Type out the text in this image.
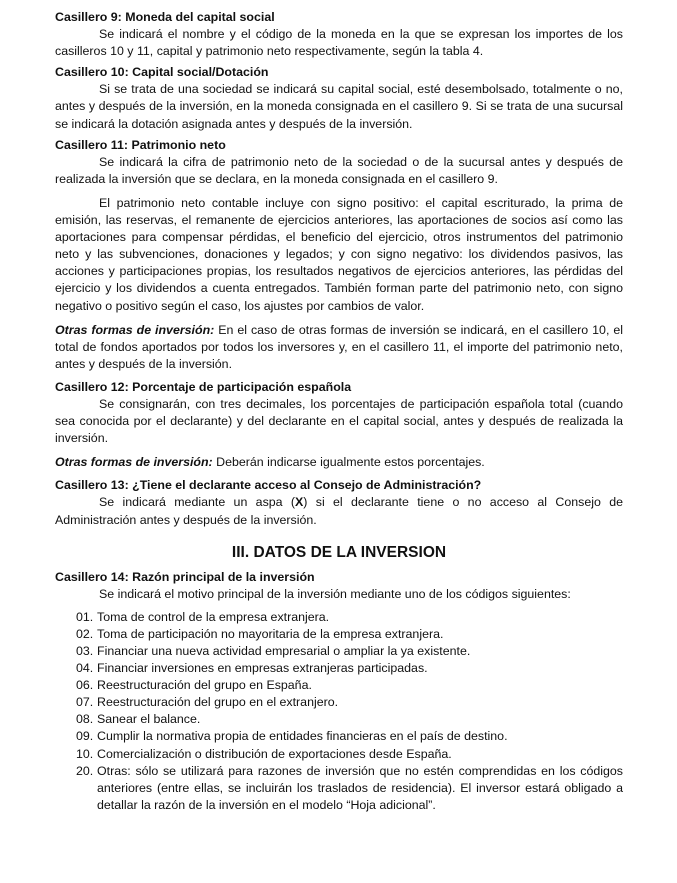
Casillero 9: Moneda del capital social

Se indicará el nombre y el código de la moneda en la que se expresan los importes de los casilleros 10 y 11, capital y patrimonio neto respectivamente, según la tabla 4.

Casillero 10: Capital social/Dotación

Si se trata de una sociedad se indicará su capital social, esté desembolsado, totalmente o no, antes y después de la inversión, en la moneda consignada en el casillero 9. Si se trata de una sucursal se indicará la dotación asignada antes y después de la inversión.

Casillero 11: Patrimonio neto

Se indicará la cifra de patrimonio neto de la sociedad o de la sucursal antes y después de realizada la inversión que se declara, en la moneda consignada en el casillero 9.

El patrimonio neto contable incluye con signo positivo: el capital escriturado, la prima de emisión, las reservas, el remanente de ejercicios anteriores, las aportaciones de socios así como las aportaciones para compensar pérdidas, el beneficio del ejercicio, otros instrumentos del patrimonio neto y las subvenciones, donaciones y legados; y con signo negativo: los dividendos pasivos, las acciones y participaciones propias, los resultados negativos de ejercicios anteriores, las pérdidas del ejercicio y los dividendos a cuenta entregados. También forman parte del patrimonio neto, con signo negativo o positivo según el caso, los ajustes por cambios de valor.

Otras formas de inversión: En el caso de otras formas de inversión se indicará, en el casillero 10, el total de fondos aportados por todos los inversores y, en el casillero 11, el importe del patrimonio neto, antes y después de la inversión.

Casillero 12: Porcentaje de participación española

Se consignarán, con tres decimales, los porcentajes de participación española total (cuando sea conocida por el declarante) y del declarante en el capital social, antes y después de realizada la inversión.

Otras formas de inversión: Deberán indicarse igualmente estos porcentajes.

Casillero 13: ¿Tiene el declarante acceso al Consejo de Administración?

Se indicará mediante un aspa (X) si el declarante tiene o no acceso al Consejo de Administración antes y después de la inversión.

III. DATOS DE LA INVERSION

Casillero 14: Razón principal de la inversión

Se indicará el motivo principal de la inversión mediante uno de los códigos siguientes:

01. Toma de control de la empresa extranjera.
02. Toma de participación no mayoritaria de la empresa extranjera.
03. Financiar una nueva actividad empresarial o ampliar la ya existente.
04. Financiar inversiones en empresas extranjeras participadas.
06. Reestructuración del grupo en España.
07. Reestructuración del grupo en el extranjero.
08. Sanear el balance.
09. Cumplir la normativa propia de entidades financieras en el país de destino.
10. Comercialización o distribución de exportaciones desde España.
20. Otras: sólo se utilizará para razones de inversión que no estén comprendidas en los códigos anteriores (entre ellas, se incluirán los traslados de residencia). El inversor estará obligado a detallar la razón de la inversión en el modelo “Hoja adicional”.
